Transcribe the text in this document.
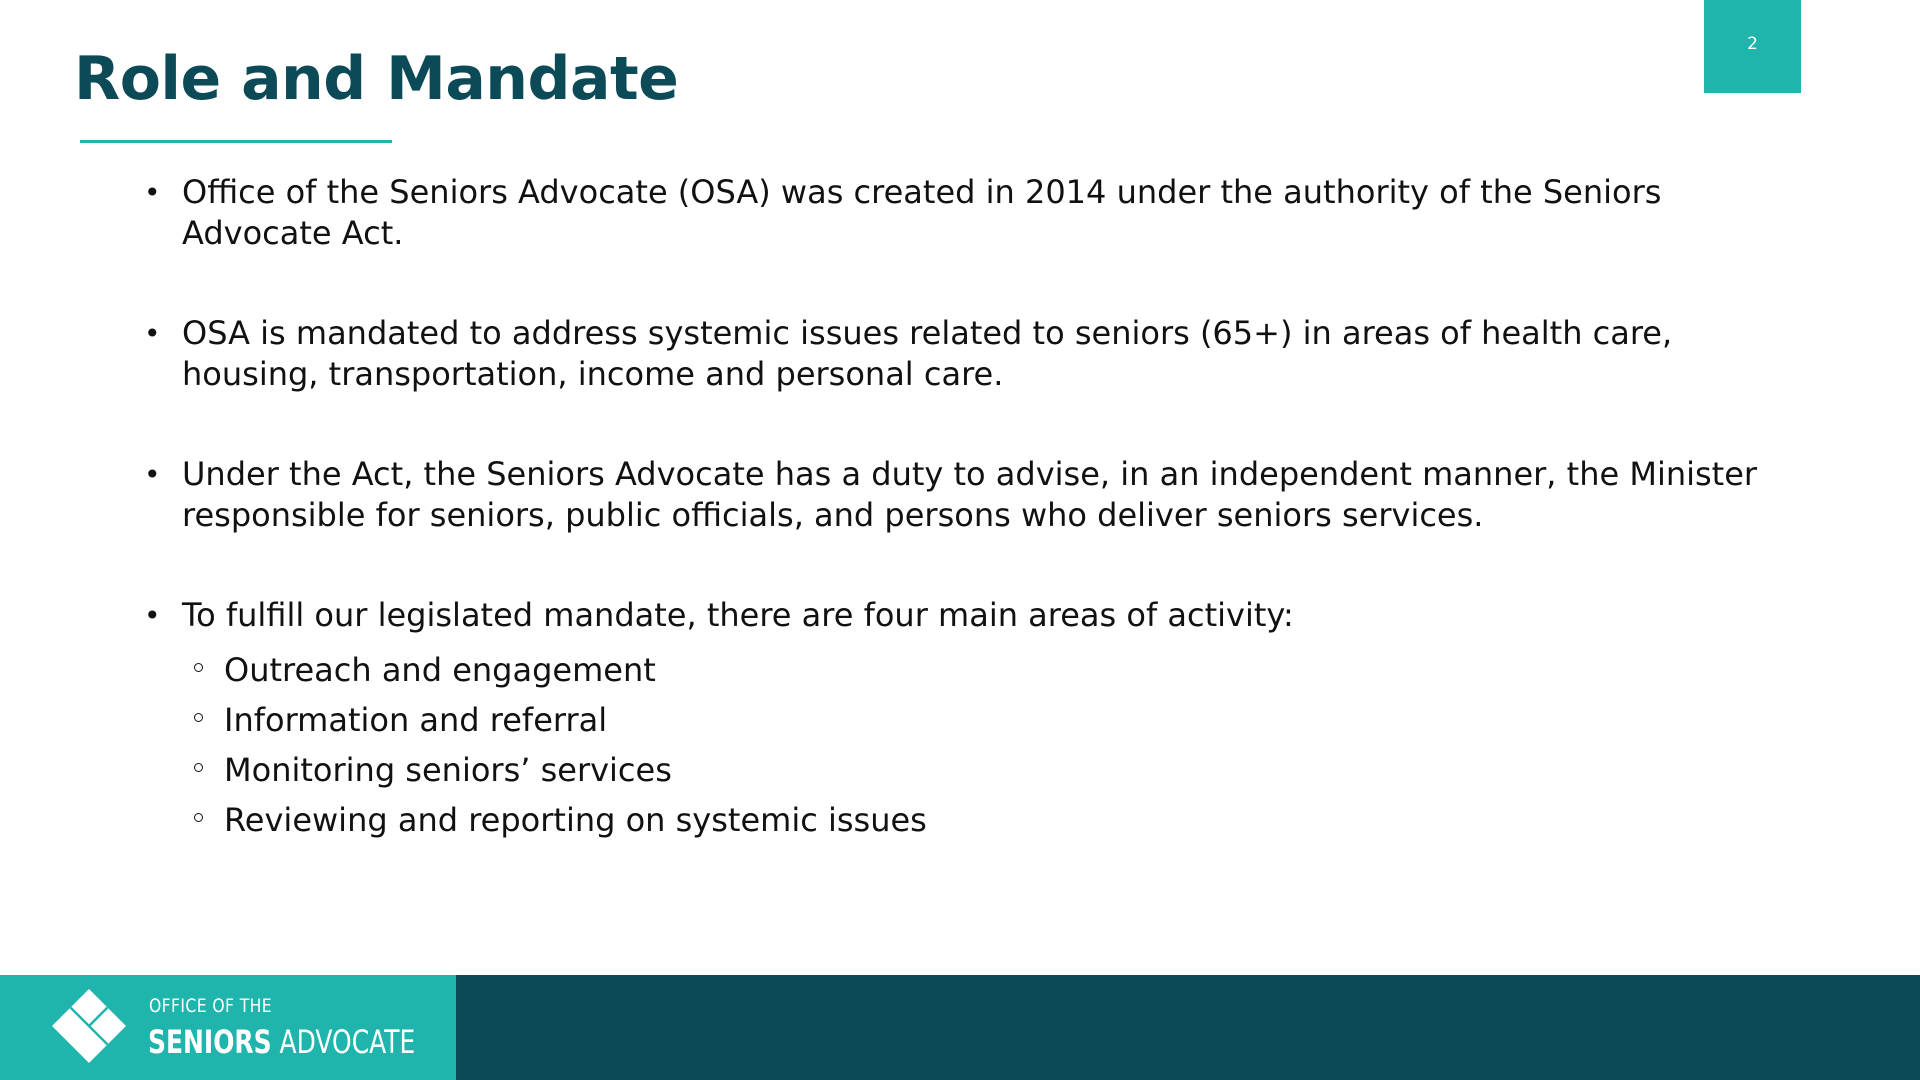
2
Role and Mandate
• Office of the Seniors Advocate (OSA) was created in 2014 under the authority of the Seniors
Advocate Act.
• OSA is mandated to address systemic issues related to seniors (65+) in areas of health care,
housing, transportation, income and personal care.
• Under the Act, the Seniors Advocate has a duty to advise, in an independent manner, the Minister
responsible for seniors, public officials, and persons who deliver seniors services.
• To fulfill our legislated mandate, there are four main areas of activity:
Outreach and engagement
Information and referral
Monitoring seniors’ services
Reviewing and reporting on systemic issues
OFFICE OF THE
SENIORS ADVOCATE
